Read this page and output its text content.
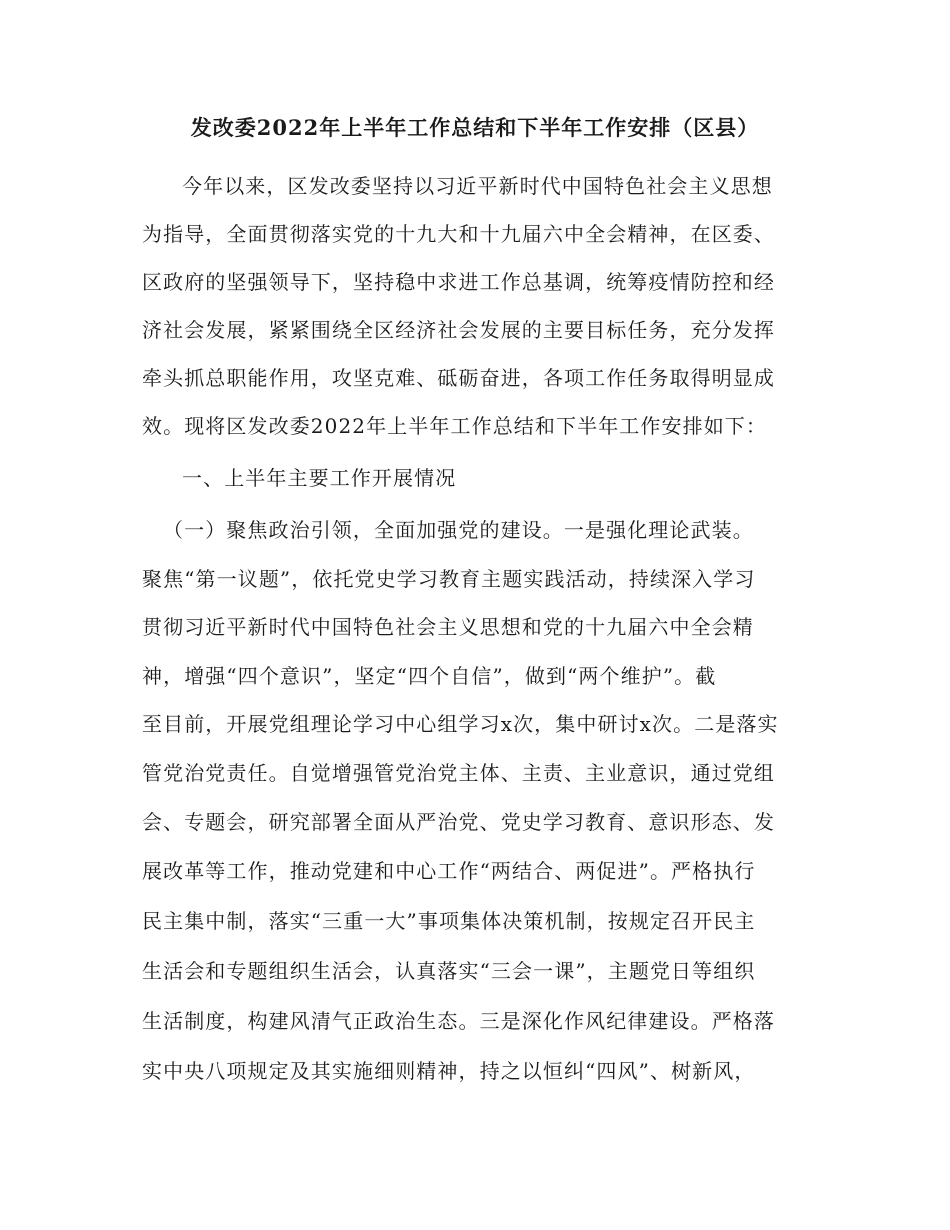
发改委2022年上半年工作总结和下半年工作安排（区县）
今年以来，区发改委坚持以习近平新时代中国特色社会主义思想
为指导，全面贯彻落实党的十九大和十九届六中全会精神，在区委、
区政府的坚强领导下，坚持稳中求进工作总基调，统筹疫情防控和经
济社会发展，紧紧围绕全区经济社会发展的主要目标任务，充分发挥
牵头抓总职能作用，攻坚克难、砥砺奋进，各项工作任务取得明显成
效。现将区发改委2022年上半年工作总结和下半年工作安排如下：
一、上半年主要工作开展情况
（一）聚焦政治引领，全面加强党的建设。一是强化理论武装。
聚焦“第一议题”，依托党史学习教育主题实践活动，持续深入学习
贯彻习近平新时代中国特色社会主义思想和党的十九届六中全会精
神，增强“四个意识”，坚定“四个自信”，做到“两个维护”。截
至目前，开展党组理论学习中心组学习x次，集中研讨x次。二是落实
管党治党责任。自觉增强管党治党主体、主责、主业意识，通过党组
会、专题会，研究部署全面从严治党、党史学习教育、意识形态、发
展改革等工作，推动党建和中心工作“两结合、两促进”。严格执行
民主集中制，落实“三重一大”事项集体决策机制，按规定召开民主
生活会和专题组织生活会，认真落实“三会一课”，主题党日等组织
生活制度，构建风清气正政治生态。三是深化作风纪律建设。严格落
实中央八项规定及其实施细则精神，持之以恒纠“四风”、树新风，
